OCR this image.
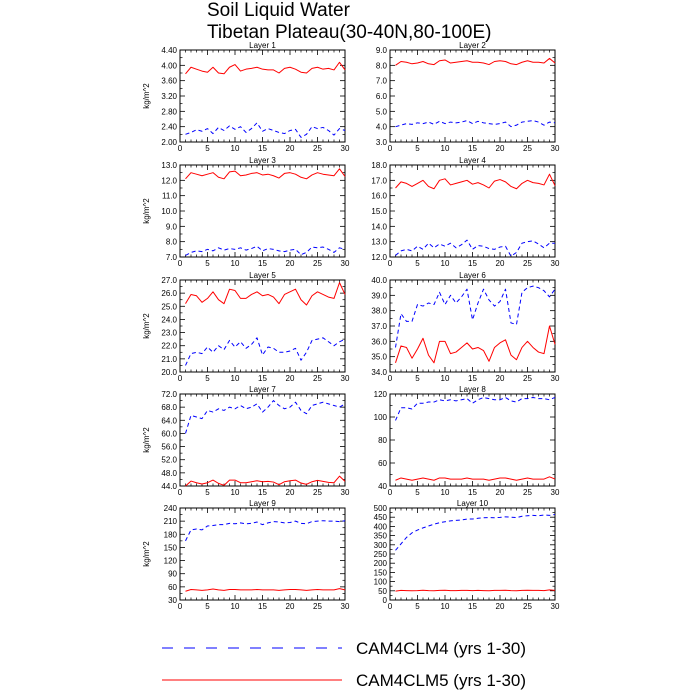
Soil Liquid Water
Tibetan Plateau(30-40N,80-100E)
Layer 1
0	5	10 15 20 25 30
2.00
2.40
2.80
3.20
3.60
4.00
4.40
kg/m^2
Layer 2
0	5	10 15 20 25 30
3.0
4.0
5.0
6.0
7.0
8.0
9.0
Layer 3
0	5	10 15 20 25 30
7.0
8.0
9.0
10.0
11.0
12.0
13.0
kg/m^2
Layer 4
0	5	10 15 20 25 30
12.0
13.0
14.0
15.0
16.0
17.0
18.0
Layer 5
0	5	10 15 20 25 30
20.0
21.0
22.0
23.0
24.0
25.0
26.0
27.0
kg/m^2
Layer 6
0	5	10 15 20 25 30
34.0
35.0
36.0
37.0
38.0
39.0
40.0
Layer 7
0	5	10 15 20 25 30
44.0
48.0
52.0
56.0
60.0
64.0
68.0
72.0
kg/m^2
Layer 8
0	5	10 15 20 25 30
40
60
80
100
120
Layer 9
0	5	10 15 20 25 30
30
60
90
120
150
180
210
240
kg/m^2
Layer 10
0	5	10 15 20 25 30
0
50
100
150
200
250
300
350
400
450
500
CAM4CLM4 (yrs 1-30)
CAM4CLM5 (yrs 1-30)
